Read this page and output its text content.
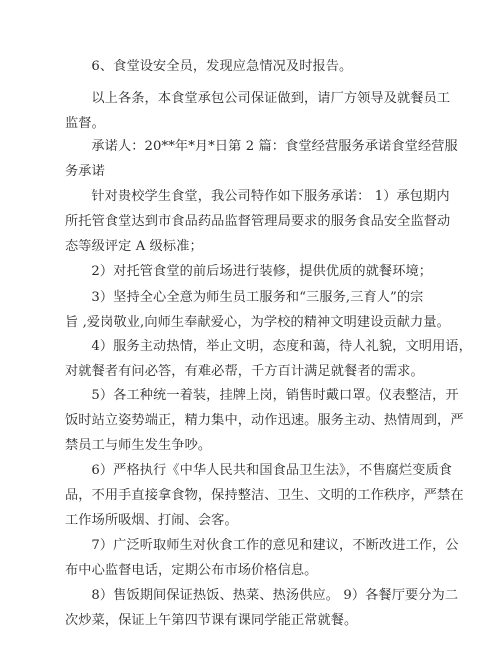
6、食堂设安全员，发现应急情况及时报告。

以上各条，本食堂承包公司保证做到，请厂方领导及就餐员工
监督。

承诺人：20**年*月*日第 2 篇：食堂经营服务承诺食堂经营服
务承诺

针对贵校学生食堂，我公司特作如下服务承诺： 1）承包期内
所托管食堂达到市食品药品监督管理局要求的服务食品安全监督动
态等级评定 A 级标准；

2）对托管食堂的前后场进行装修，提供优质的就餐环境；

3）坚持全心全意为师生员工服务和“三服务,三育人”的宗
旨 ,爱岗敬业,向师生奉献爱心，为学校的精神文明建设贡献力量。

4）服务主动热情，举止文明，态度和蔼，待人礼貌，文明用语，
对就餐者有问必答，有难必帮，千方百计满足就餐者的需求。

5）各工种统一着装，挂牌上岗，销售时戴口罩。仪表整洁，开
饭时站立姿势端正，精力集中，动作迅速。服务主动、热情周到，严
禁员工与师生发生争吵。

6）严格执行《中华人民共和国食品卫生法》，不售腐烂变质食
品，不用手直接拿食物，保持整洁、卫生、文明的工作秩序，严禁在
工作场所吸烟、打闹、会客。

7）广泛听取师生对伙食工作的意见和建议，不断改进工作，公
布中心监督电话，定期公布市场价格信息。

8）售饭期间保证热饭、热菜、热汤供应。 9）各餐厅要分为二
次炒菜，保证上午第四节课有课同学能正常就餐。
